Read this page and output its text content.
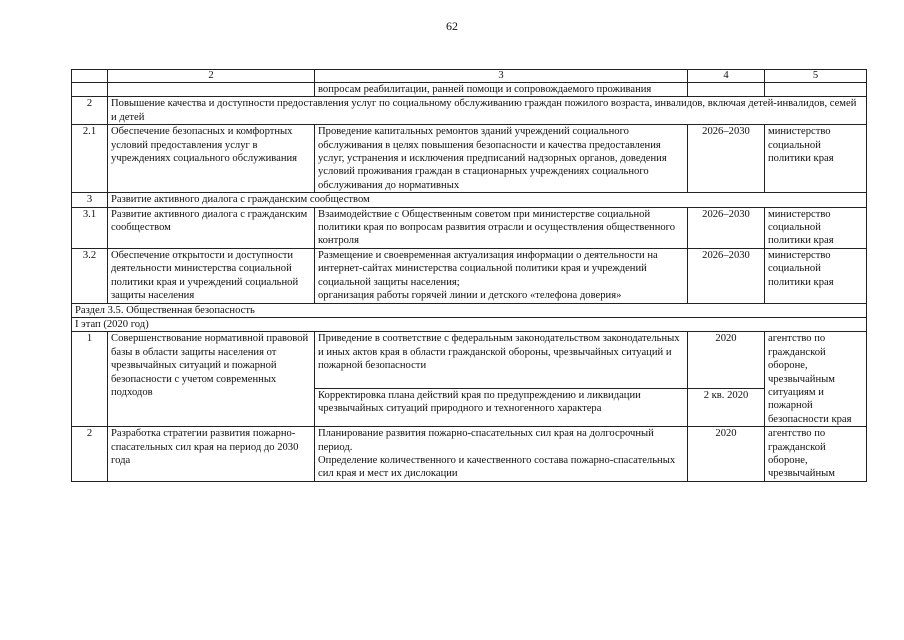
62
	2	3	4	5
		вопросам реабилитации, ранней помощи и сопровождаемого проживания		
2	Повышение качества и доступности предоставления услуг по социальному обслуживанию граждан пожилого возраста, инвалидов, включая детей-инвалидов, семей и детей			
2.1	Обеспечение безопасных и комфортных условий предоставления услуг в учреждениях социального обслуживания	Проведение капитальных ремонтов зданий учреждений социального обслуживания в целях повышения безопасности и качества предоставления услуг, устранения и исключения предписаний надзорных органов, доведения условий проживания граждан в стационарных учреждениях социального обслуживания до нормативных	2026–2030	министерство социальной политики края
3	Развитие активного диалога с гражданским сообществом			
3.1	Развитие активного диалога с гражданским сообществом	Взаимодействие с Общественным советом при министерстве социальной политики края по вопросам развития отрасли и осуществления общественного контроля	2026–2030	министерство социальной политики края
3.2	Обеспечение открытости и доступности деятельности министерства социальной политики края и учреждений социальной защиты населения	Размещение и своевременная актуализация информации о деятельности на интернет-сайтах министерства социальной политики края и учреждений социальной защиты населения;
организация работы горячей линии и детского «телефона доверия»	2026–2030	министерство социальной политики края
Раздел 3.5. Общественная безопасность				
I этап (2020 год)				
1	Совершенствование нормативной правовой базы в области защиты населения от чрезвычайных ситуаций и пожарной безопасности с учетом современных подходов	Приведение в соответствие с федеральным законодательством законодательных и иных актов края в области гражданской обороны, чрезвычайных ситуаций и пожарной безопасности	2020	агентство по гражданской обороне, чрезвычайным ситуациям и пожарной безопасности края
		Корректировка плана действий края по предупреждению и ликвидации чрезвычайных ситуаций природного и техногенного характера	2 кв. 2020	
2	Разработка стратегии развития пожарно-спасательных сил края на период до 2030 года	Планирование развития пожарно-спасательных сил края на долгосрочный период.
Определение количественного и качественного состава пожарно-спасательных сил края и мест их дислокации	2020	агентство по гражданской обороне, чрезвычайным
